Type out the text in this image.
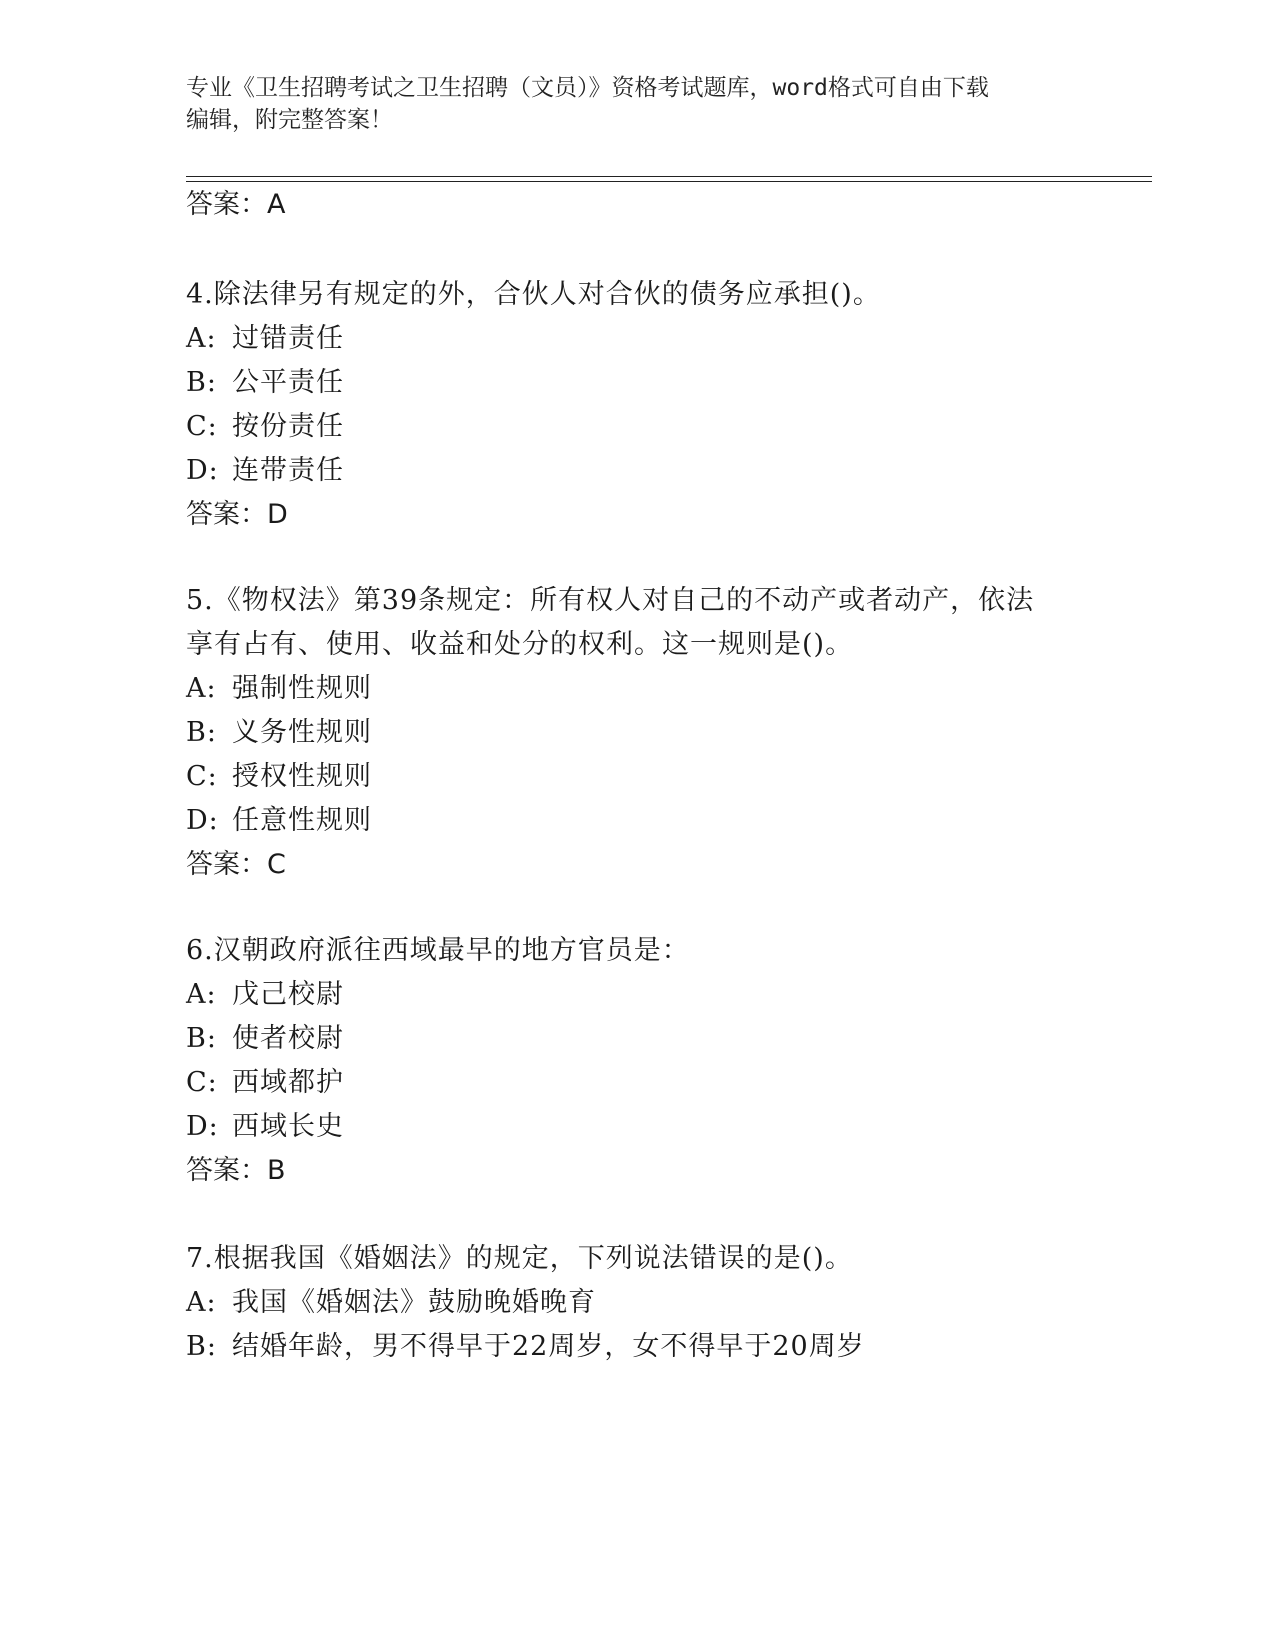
专业《卫生招聘考试之卫生招聘（文员）》资格考试题库，word格式可自由下载
编辑，附完整答案！
答案：A
4.除法律另有规定的外，合伙人对合伙的债务应承担()。
A: 过错责任
B: 公平责任
C: 按份责任
D: 连带责任
答案：D
5.《物权法》第39条规定：所有权人对自己的不动产或者动产，依法
享有占有、使用、收益和处分的权利。这一规则是()。
A: 强制性规则
B: 义务性规则
C: 授权性规则
D: 任意性规则
答案：C
6.汉朝政府派往西域最早的地方官员是：
A: 戊己校尉
B: 使者校尉
C: 西域都护
D: 西域长史
答案：B
7.根据我国《婚姻法》的规定，下列说法错误的是()。
A: 我国《婚姻法》鼓励晚婚晚育
B: 结婚年龄，男不得早于22周岁，女不得早于20周岁
